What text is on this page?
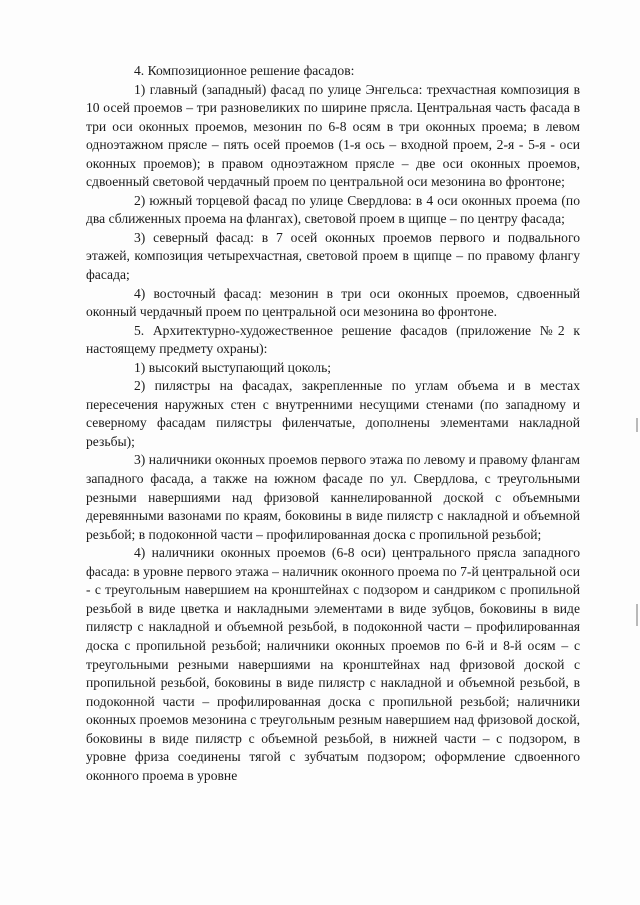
4. Композиционное решение фасадов:

1) главный (западный) фасад по улице Энгельса: трехчастная композиция в 10 осей проемов – три разновеликих по ширине прясла. Центральная часть фасада в три оси оконных проемов, мезонин по 6-8 осям в три оконных проема; в левом одноэтажном прясле – пять осей проемов (1-я ось – входной проем, 2-я - 5-я - оси оконных проемов); в правом одноэтажном прясле – две оси оконных проемов, сдвоенный световой чердачный проем по центральной оси мезонина во фронтоне;

2) южный торцевой фасад по улице Свердлова: в 4 оси оконных проема (по два сближенных проема на флангах), световой проем в щипце – по центру фасада;

3) северный фасад: в 7 осей оконных проемов первого и подвального этажей, композиция четырехчастная, световой проем в щипце – по правому флангу фасада;

4) восточный фасад: мезонин в три оси оконных проемов, сдвоенный оконный чердачный проем по центральной оси мезонина во фронтоне.

5. Архитектурно-художественное решение фасадов (приложение №2 к настоящему предмету охраны):

1) высокий выступающий цоколь;

2) пилястры на фасадах, закрепленные по углам объема и в местах пересечения наружных стен с внутренними несущими стенами (по западному и северному фасадам пилястры филенчатые, дополнены элементами накладной резьбы);

3) наличники оконных проемов первого этажа по левому и правому флангам западного фасада, а также на южном фасаде по ул. Свердлова, с треугольными резными навершиями над фризовой каннелированной доской с объемными деревянными вазонами по краям, боковины в виде пилястр с накладной и объемной резьбой; в подоконной части – профилированная доска с пропильной резьбой;

4) наличники оконных проемов (6-8 оси) центрального прясла западного фасада: в уровне первого этажа – наличник оконного проема по 7-й центральной оси - с треугольным навершием на кронштейнах с подзором и сандриком с пропильной резьбой в виде цветка и накладными элементами в виде зубцов, боковины в виде пилястр с накладной и объемной резьбой, в подоконной части – профилированная доска с пропильной резьбой; наличники оконных проемов по 6-й и 8-й осям – с треугольными резными навершиями на кронштейнах над фризовой доской с пропильной резьбой, боковины в виде пилястр с накладной и объемной резьбой, в подоконной части – профилированная доска с пропильной резьбой; наличники оконных проемов мезонина с треугольным резным навершием над фризовой доской, боковины в виде пилястр с объемной резьбой, в нижней части – с подзором, в уровне фриза соединены тягой с зубчатым подзором; оформление сдвоенного оконного проема в уровне
